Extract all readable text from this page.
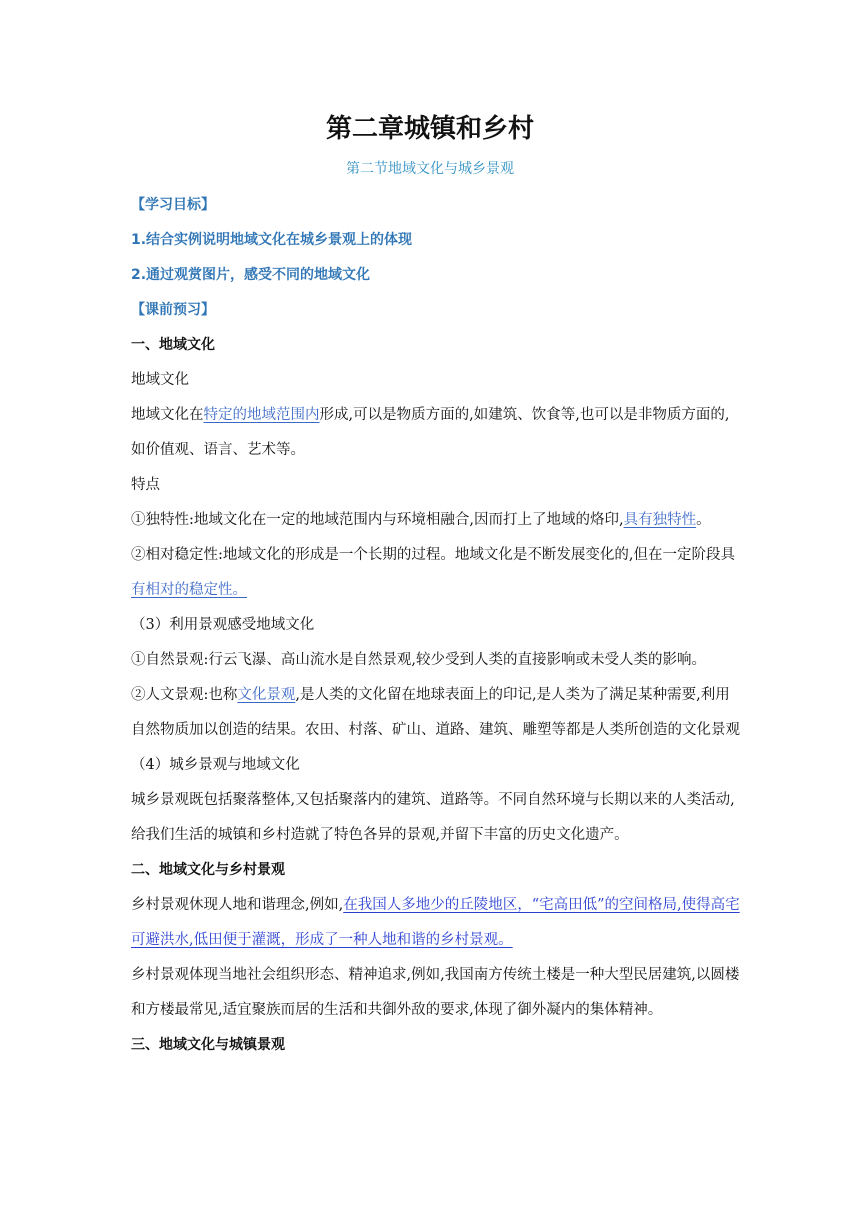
第二章城镇和乡村
第二节地域文化与城乡景观

【学习目标】

1.结合实例说明地域文化在城乡景观上的体现

2.通过观赏图片，感受不同的地域文化

【课前预习】

一、地域文化

地域文化

地域文化在特定的地域范围内形成,可以是物质方面的,如建筑、饮食等,也可以是非物质方面的,如价值观、语言、艺术等。

特点

①独特性:地域文化在一定的地域范围内与环境相融合,因而打上了地域的烙印,具有独特性。

②相对稳定性:地域文化的形成是一个长期的过程。地域文化是不断发展变化的,但在一定阶段具有相对的稳定性。

（3）利用景观感受地域文化

①自然景观:行云飞瀑、高山流水是自然景观,较少受到人类的直接影响或未受人类的影响。

②人文景观:也称文化景观,是人类的文化留在地球表面上的印记,是人类为了满足某种需要,利用自然物质加以创造的结果。农田、村落、矿山、道路、建筑、雕塑等都是人类所创造的文化景观

（4）城乡景观与地域文化

城乡景观既包括聚落整体,又包括聚落内的建筑、道路等。不同自然环境与长期以来的人类活动,给我们生活的城镇和乡村造就了特色各异的景观,并留下丰富的历史文化遗产。

二、地域文化与乡村景观

乡村景观休现人地和谐理念,例如,在我国人多地少的丘陵地区，“宅高田低”的空间格局,使得高宅可避洪水,低田便于灌溉，形成了一种人地和谐的乡村景观。

乡村景观体现当地社会组织形态、精神追求,例如,我国南方传统土楼是一种大型民居建筑,以圆楼和方楼最常见,适宜聚族而居的生活和共御外敌的要求,体现了御外凝内的集体精神。

三、地域文化与城镇景观
